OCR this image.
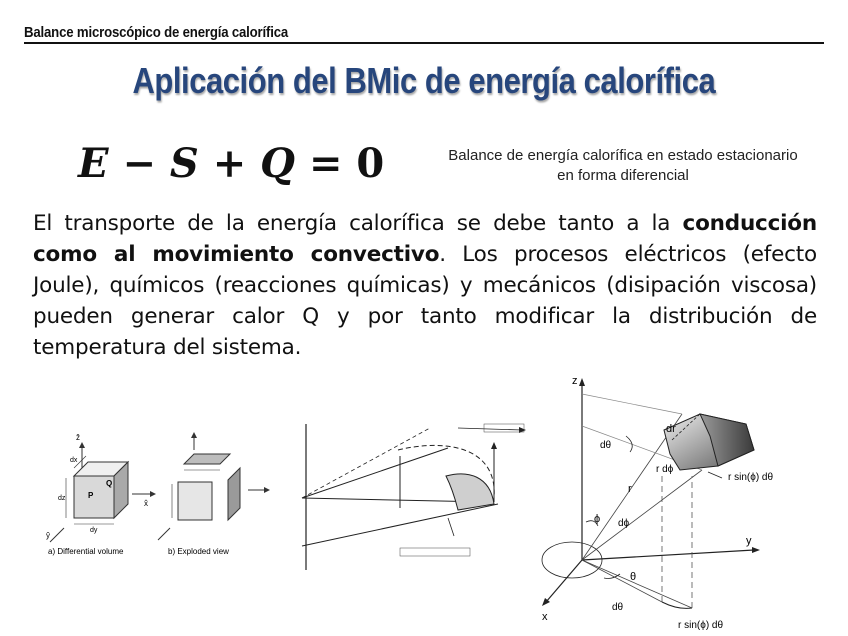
Balance microscópico de energía calorífica
Aplicación del BMic de energía calorífica
E − S + Q = 0	Balance de energía calorífica en estado estacionario en forma diferencial
El transporte de la energía calorífica se debe tanto a la conducción como al movimiento convectivo. Los procesos eléctricos (efecto Joule), químicos (reacciones químicas) y mecánicos (disipación viscosa) pueden generar calor Q y por tanto modificar la distribución de temperatura del sistema.
ẑ
x̂
ŷ
dz
dy
dx
P
Q
a) Differential volume	b) Exploded view
z
y
x
dr
r dϕ
r sin(ϕ) dθ
r sin(ϕ) dθ
r
ϕ dϕ
θ
dθ
dθ
